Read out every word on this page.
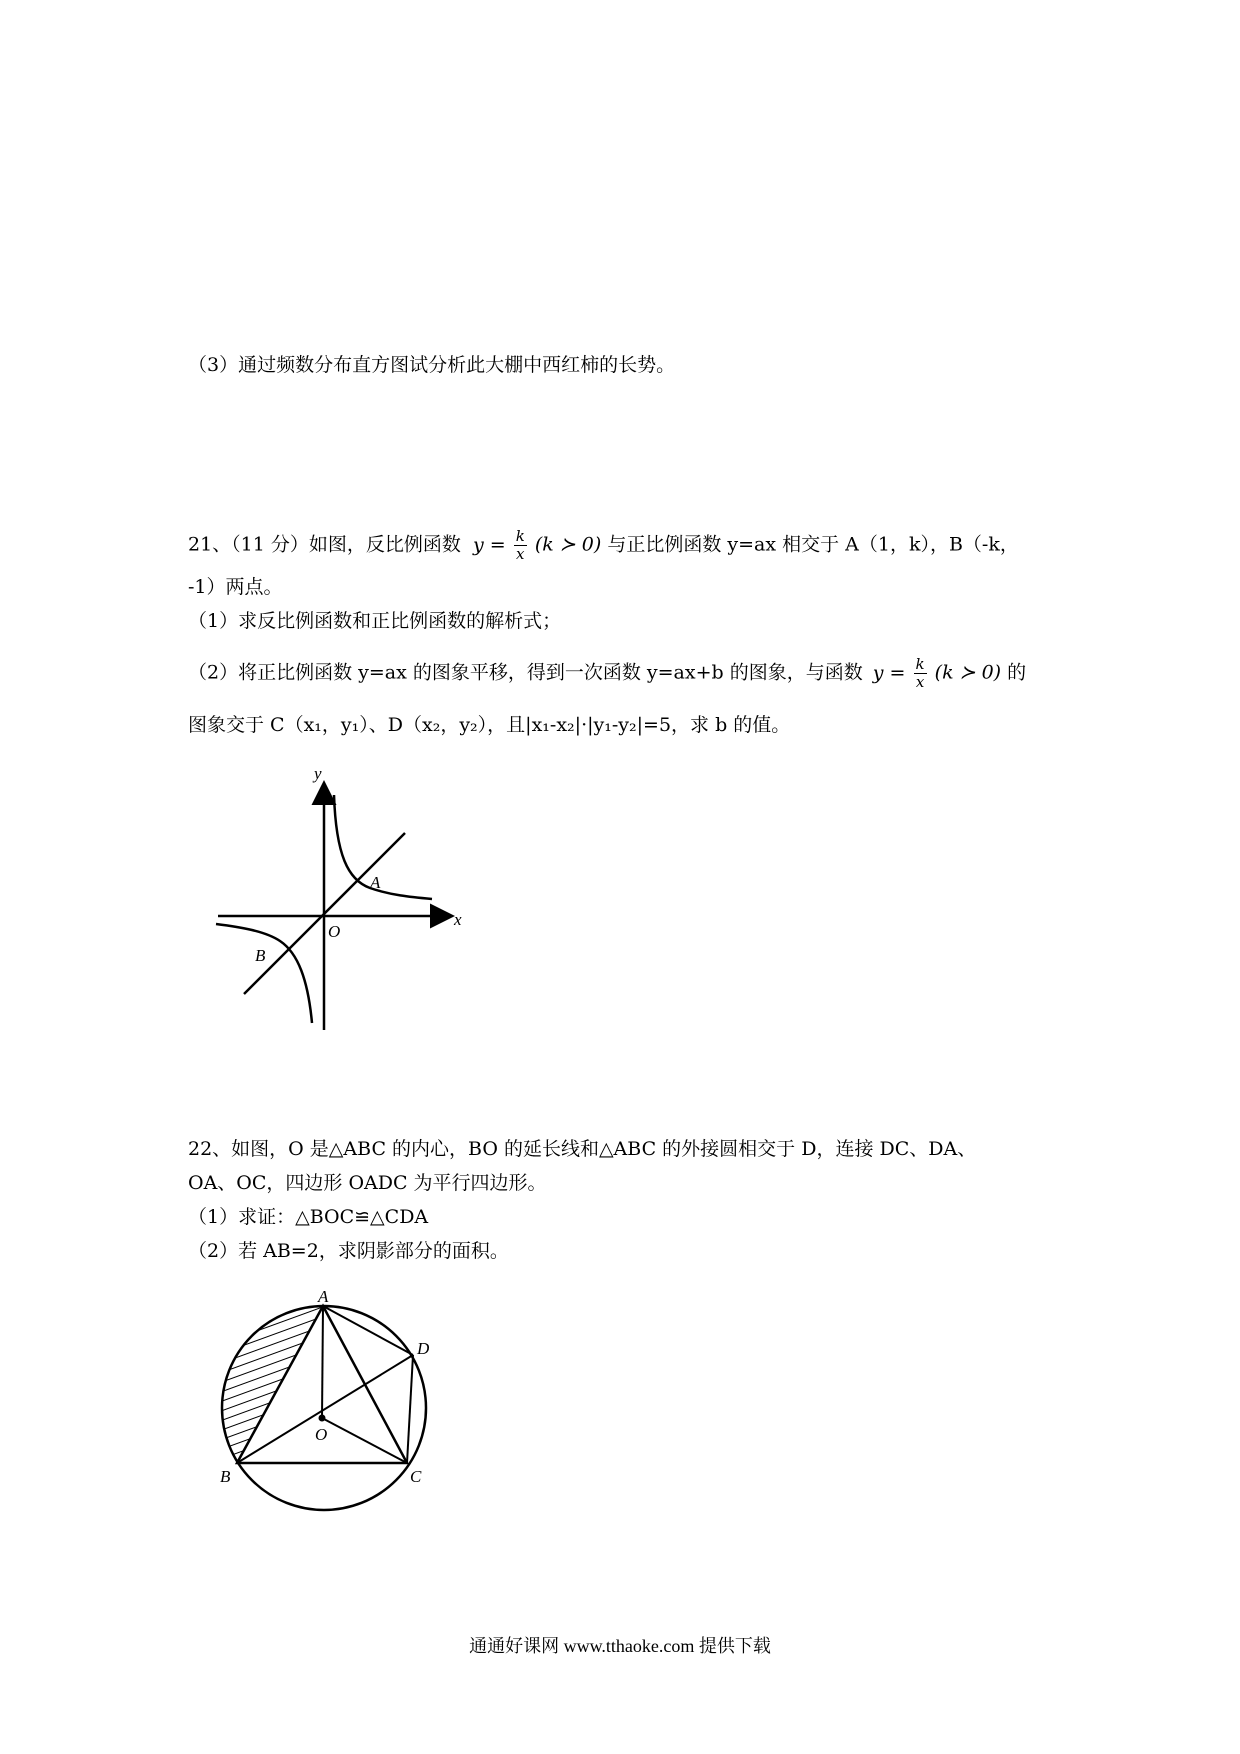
（3）通过频数分布直方图试分析此大棚中西红柿的长势。
21、（11 分）如图，反比例函数 $y = \frac{k}{x} (k$ ≻ 0) 与正比例函数 y=ax 相交于 A（1，k），B（-k，
-1）两点。
（1）求反比例函数和正比例函数的解析式；
（2）将正比例函数 y=ax 的图象平移，得到一次函数 y=ax+b 的图象，与函数 $y = \frac{k}{x} (k$ ≻ 0) 的
图象交于 C（x₁，y₁）、D（x₂，y₂），且|x₁-x₂|·|y₁-y₂|=5，求 b 的值。
y
x
O
A
B
22、如图，O 是△ABC 的内心，BO 的延长线和△ABC 的外接圆相交于 D，连接 DC、DA、
OA、OC，四边形 OADC 为平行四边形。
（1）求证：△BOC≌△CDA
（2）若 AB=2，求阴影部分的面积。
A
B	C
D
O
通通好课网 www.tthaoke.com 提供下载
